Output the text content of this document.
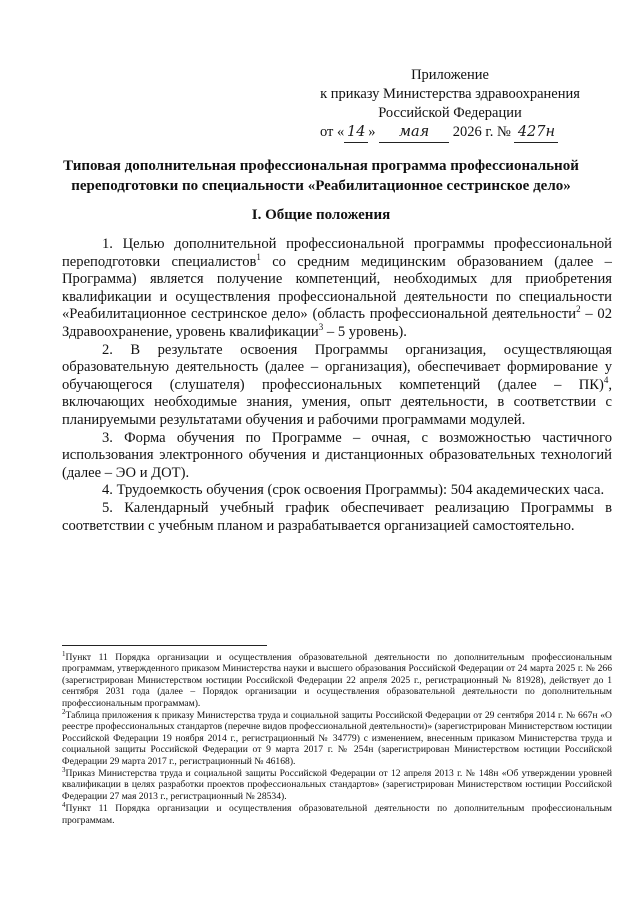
Приложение
к приказу Министерства здравоохранения
Российской Федерации
от « 14 » мая 2026 г. № 427н
Типовая дополнительная профессиональная программа профессиональной переподготовки по специальности «Реабилитационное сестринское дело»
I. Общие положения

1. Целью дополнительной профессиональной программы профессиональной переподготовки специалистов$^1$ со средним медицинским образованием (далее – Программа) является получение компетенций, необходимых для приобретения квалификации и осуществления профессиональной деятельности по специальности «Реабилитационное сестринское дело» (область профессиональной деятельности$^2$ – 02 Здравоохранение, уровень квалификации$^3$ – 5 уровень).

2. В результате освоения Программы организация, осуществляющая образовательную деятельность (далее – организация), обеспечивает формирование у обучающегося (слушателя) профессиональных компетенций (далее – ПК)$^4$, включающих необходимые знания, умения, опыт деятельности, в соответствии с планируемыми результатами обучения и рабочими программами модулей.

3. Форма обучения по Программе – очная, с возможностью частичного использования электронного обучения и дистанционных образовательных технологий (далее – ЭО и ДОТ).

4. Трудоемкость обучения (срок освоения Программы): 504 академических часа.

5. Календарный учебный график обеспечивает реализацию Программы в соответствии с учебным планом и разрабатывается организацией самостоятельно.

$^1$Пункт 11 Порядка организации и осуществления образовательной деятельности по дополнительным профессиональным программам, утвержденного приказом Министерства науки и высшего образования Российской Федерации от 24 марта 2025 г. № 266 (зарегистрирован Министерством юстиции Российской Федерации 22 апреля 2025 г., регистрационный № 81928), действует до 1 сентября 2031 года (далее – Порядок организации и осуществления образовательной деятельности по дополнительным профессиональным программам).

$^2$Таблица приложения к приказу Министерства труда и социальной защиты Российской Федерации от 29 сентября 2014 г. № 667н «О реестре профессиональных стандартов (перечне видов профессиональной деятельности)» (зарегистрирован Министерством юстиции Российской Федерации 19 ноября 2014 г., регистрационный № 34779) с изменением, внесенным приказом Министерства труда и социальной защиты Российской Федерации от 9 марта 2017 г. № 254н (зарегистрирован Министерством юстиции Российской Федерации 29 марта 2017 г., регистрационный № 46168).

$^3$Приказ Министерства труда и социальной защиты Российской Федерации от 12 апреля 2013 г. № 148н «Об утверждении уровней квалификации в целях разработки проектов профессиональных стандартов» (зарегистрирован Министерством юстиции Российской Федерации 27 мая 2013 г., регистрационный № 28534).

$^4$Пункт 11 Порядка организации и осуществления образовательной деятельности по дополнительным профессиональным программам.
